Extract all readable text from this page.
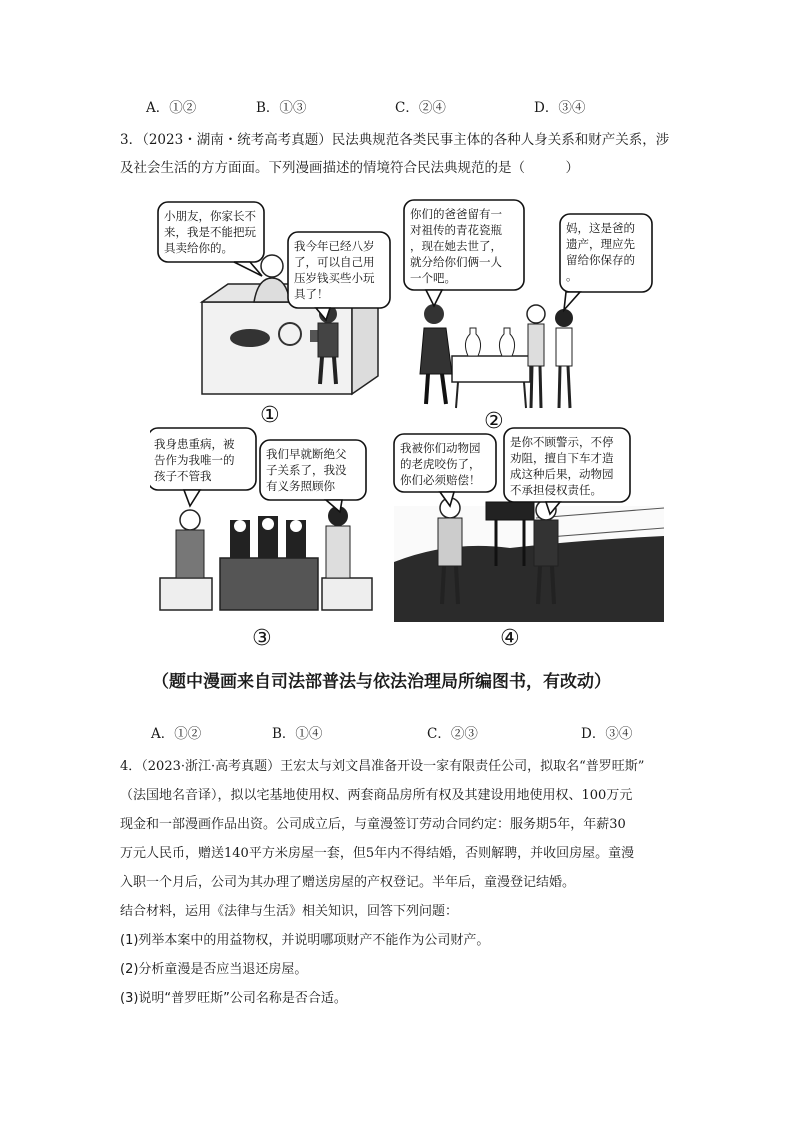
A．①②	B．①③	C．②④	D．③④
3．（2023・湖南・统考高考真题）民法典规范各类民事主体的各种人身关系和财产关系，涉
及社会生活的方方面面。下列漫画描述的情境符合民法典规范的是（　　　）
小朋友，你家长不
来，我是不能把玩
具卖给你的。	我今年已经八岁
了，可以自己用
压岁钱买些小玩
具了！
①
你们的爸爸留有一
对祖传的青花瓷瓶
，现在她去世了，
就分给你们俩一人
一个吧。
妈，这是爸的
遗产，理应先
留给你保存的
。
②
我身患重病，被
告作为我唯一的
孩子不管我
我们早就断绝父
子关系了，我没
有义务照顾你
我被你们动物园
的老虎咬伤了，
你们必须赔偿！
是你不顾警示，不停
劝阻，擅自下车才造
成这种后果，动物园
不承担侵权责任。
③	④
（题中漫画来自司法部普法与依法治理局所编图书，有改动）
A．①②	B．①④	C．②③	D．③④
4．（2023·浙江·高考真题）王宏太与刘文昌准备开设一家有限责任公司，拟取名“普罗旺斯”
（法国地名音译），拟以宅基地使用权、两套商品房所有权及其建设用地使用权、100万元
现金和一部漫画作品出资。公司成立后，与童漫签订劳动合同约定：服务期5年，年薪30
万元人民币，赠送140平方米房屋一套，但5年内不得结婚，否则解聘，并收回房屋。童漫
入职一个月后，公司为其办理了赠送房屋的产权登记。半年后，童漫登记结婚。
结合材料，运用《法律与生活》相关知识，回答下列问题：
(1)列举本案中的用益物权，并说明哪项财产不能作为公司财产。
(2)分析童漫是否应当退还房屋。
(3)说明“普罗旺斯”公司名称是否合适。
